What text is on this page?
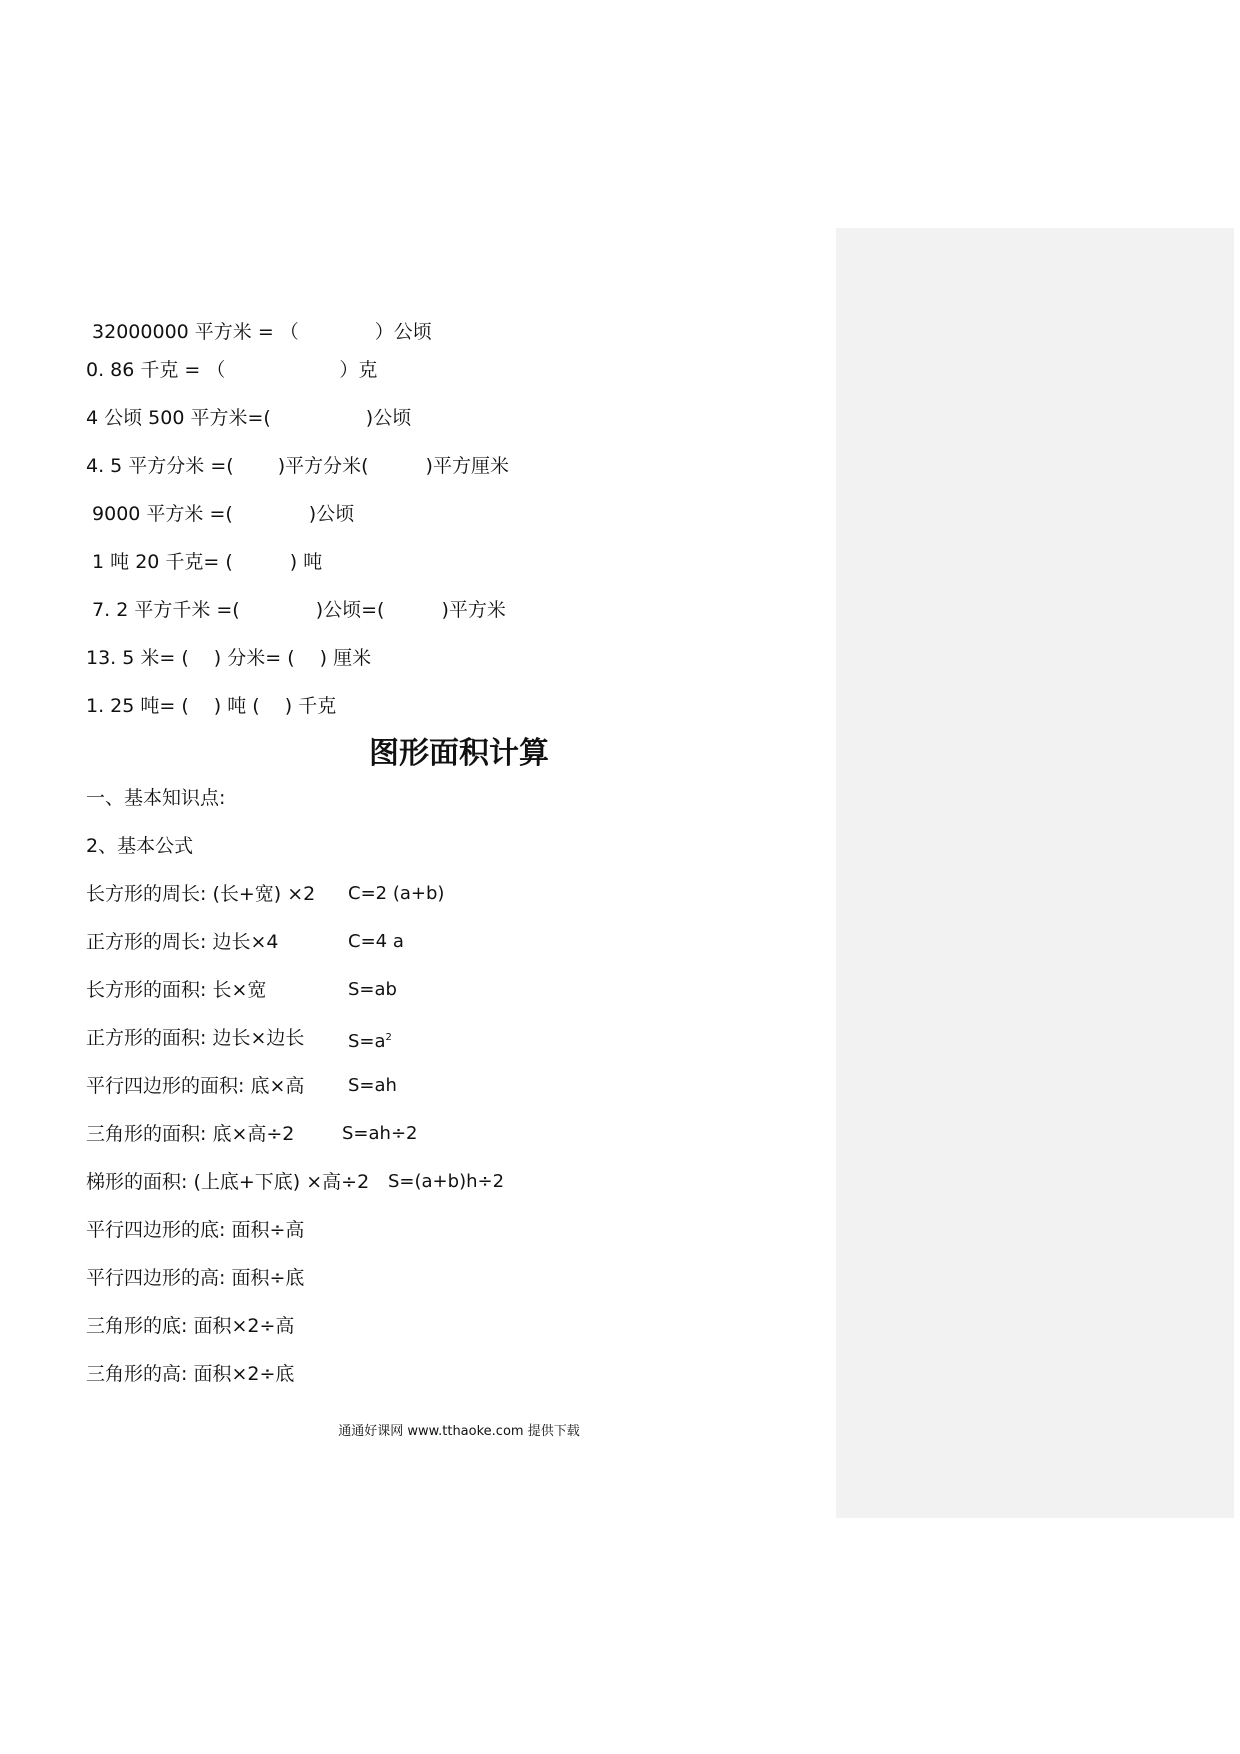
32000000 平方米 = （　　　　）公顷
0. 86 千克 = （　　　　　　）克
4 公顷 500 平方米=(　　　　　)公顷
4. 5 平方分米 =(　　 )平方分米(　　　)平方厘米
9000 平方米 =(　　　　)公顷
1 吨 20 千克= (　　　) 吨
7. 2 平方千米 =(　　　　)公顷=(　　　)平方米
13. 5 米= (　 ) 分米= (　 ) 厘米
1. 25 吨= (　 ) 吨 (　 ) 千克
图形面积计算
一、基本知识点:
2、基本公式
长方形的周长: (长+宽) ×2 C=2 (a+b)
正方形的周长: 边长×4	C=4 a
长方形的面积: 长×宽	S=ab
正方形的面积: 边长×边长 $S=a^2$
平行四边形的面积: 底×高 S=ah
三角形的面积: 底×高÷2	S=ah÷2
梯形的面积: (上底+下底) ×高÷2 S=(a+b)h÷2
平行四边形的底: 面积÷高
平行四边形的高: 面积÷底
三角形的底: 面积×2÷高
三角形的高: 面积×2÷底
通通好课网 www.tthaoke.com 提供下载
